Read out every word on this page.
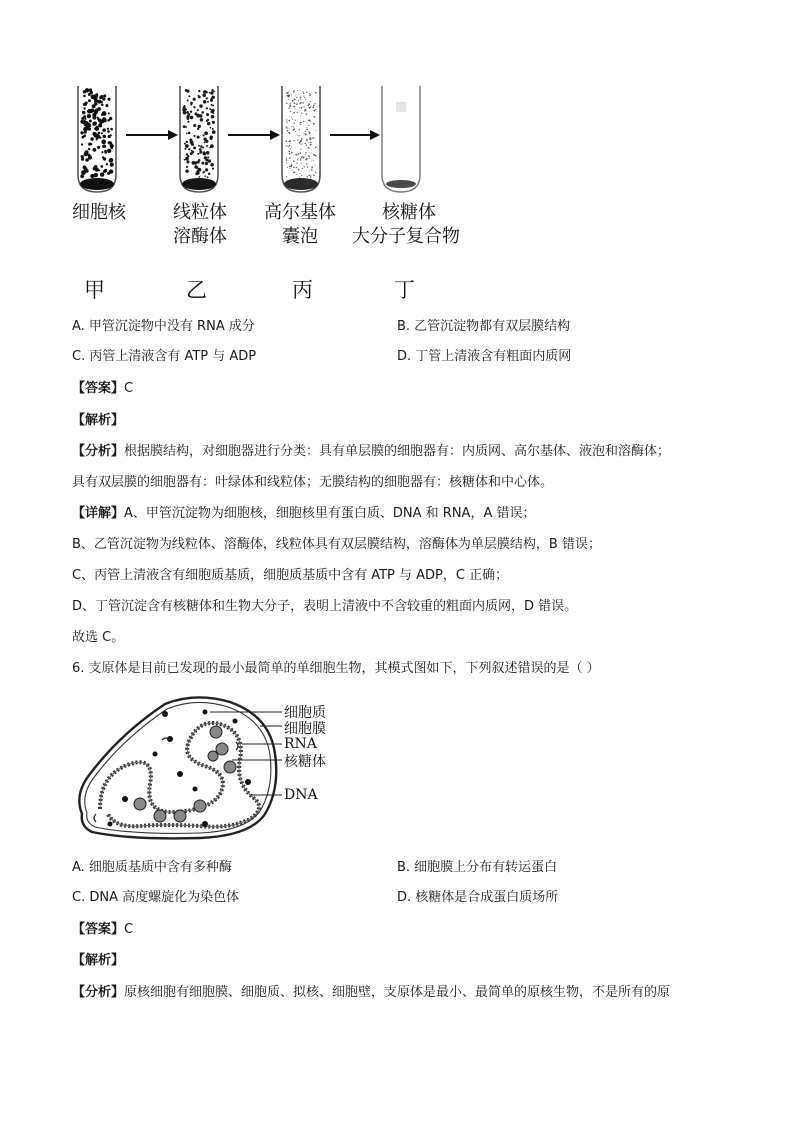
细胞核	线粒体
溶酶体
高尔基体
囊泡
核糖体
大分子复合物
甲	乙	丙	丁
A. 甲管沉淀物中没有 RNA 成分	B. 乙管沉淀物都有双层膜结构
C. 丙管上清液含有 ATP 与 ADP	D. 丁管上清液含有粗面内质网
【答案】C
【解析】
【分析】根据膜结构，对细胞器进行分类：具有单层膜的细胞器有：内质网、高尔基体、液泡和溶酶体；
具有双层膜的细胞器有：叶绿体和线粒体；无膜结构的细胞器有：核糖体和中心体。
【详解】A、甲管沉淀物为细胞核，细胞核里有蛋白质、DNA 和 RNA，A 错误；
B、乙管沉淀物为线粒体、溶酶体，线粒体具有双层膜结构，溶酶体为单层膜结构，B 错误；
C、丙管上清液含有细胞质基质，细胞质基质中含有 ATP 与 ADP，C 正确；
D、丁管沉淀含有核糖体和生物大分子，表明上清液中不含较重的粗面内质网，D 错误。
故选 C。
6. 支原体是目前已发现的最小最简单的单细胞生物，其模式图如下，下列叙述错误的是（ ）
细胞质
细胞膜
RNA
核糖体
DNA
A. 细胞质基质中含有多种酶	B. 细胞膜上分布有转运蛋白
C. DNA 高度螺旋化为染色体	D. 核糖体是合成蛋白质场所
【答案】C
【解析】
【分析】原核细胞有细胞膜、细胞质、拟核、细胞壁，支原体是最小、最简单的原核生物，不是所有的原
